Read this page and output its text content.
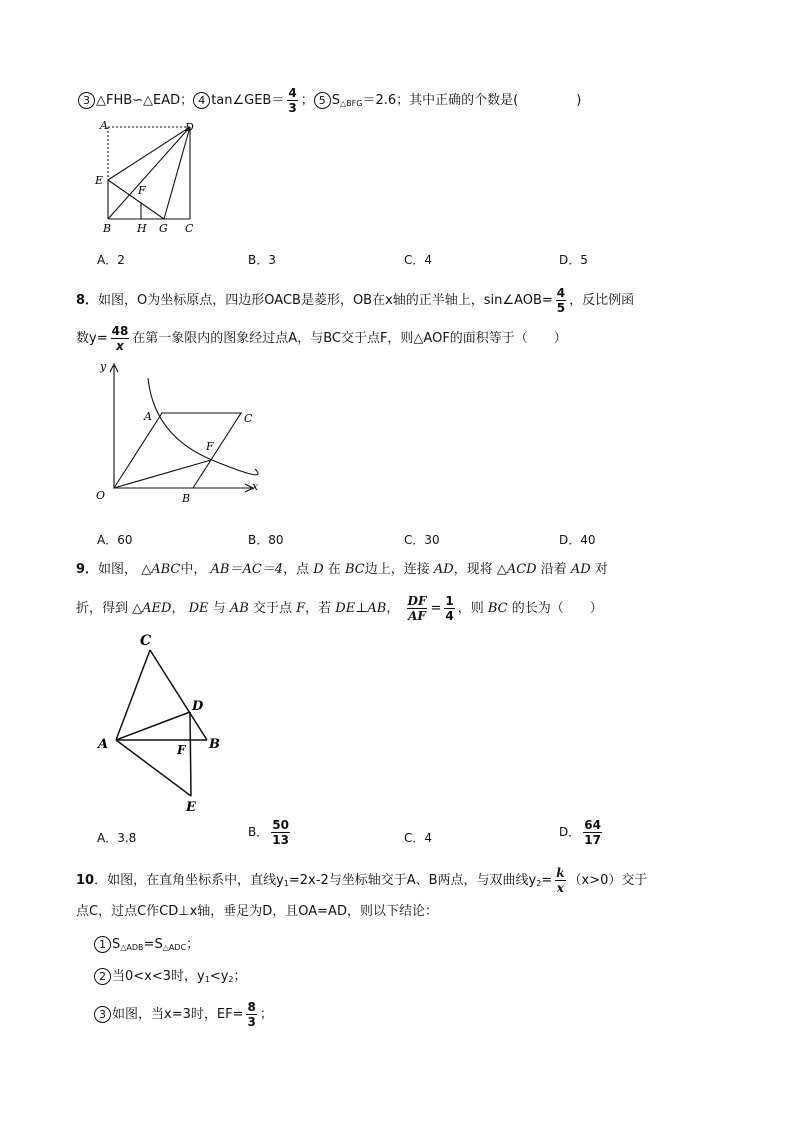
3 △FHB∽△EAD； 4 tan∠GEB＝ $\frac{4}{3}$ ； 5 $S_{\triangle BFG}=2.6$；其中正确的个数是(	)
A	D
E
F
B H G C
A．2	B．3	C．4	D．5
8．如图，O为坐标原点，四边形OACB是菱形，OB在x轴的正半轴上，sin∠AOB= $\frac{4}{5}$ ，反比例函
数$y= \frac{48}{x}$ 在第一象限内的图象经过点A，与BC交于点F，则△AOF的面积等于（　　）
y
x
O
A	C
F
B
A．60	B．80	C．30	D．40
9．如图， △ABC中， AB＝AC＝4，点 D 在 BC边上，连接 AD，现将 △ACD 沿着 AD 对
折，得到 △AED， DE 与 AB 交于点 F，若 DE⊥AB， $\frac{DF}{AF} = \frac{1}{4}$ ，则 BC 的长为（　　）
C
D
A	F B
E
A．3.8	B． $\frac{50}{13}$	C．4	D． $\frac{64}{17}$
10．如图，在直角坐标系中，直线$y_1=2x-2$与坐标轴交于A、B两点，与双曲线$y_2= \frac{k}{x} (x>0)$交于
点C，过点C作CD⊥x轴，垂足为D，且OA=AD，则以下结论：
1 $S_{\triangle ADB}=S_{\triangle ADC}$；
2 当0<x<3时，$y_1<y_2$；
3 如图，当x=3时，$EF= \frac{8}{3}$ ；
